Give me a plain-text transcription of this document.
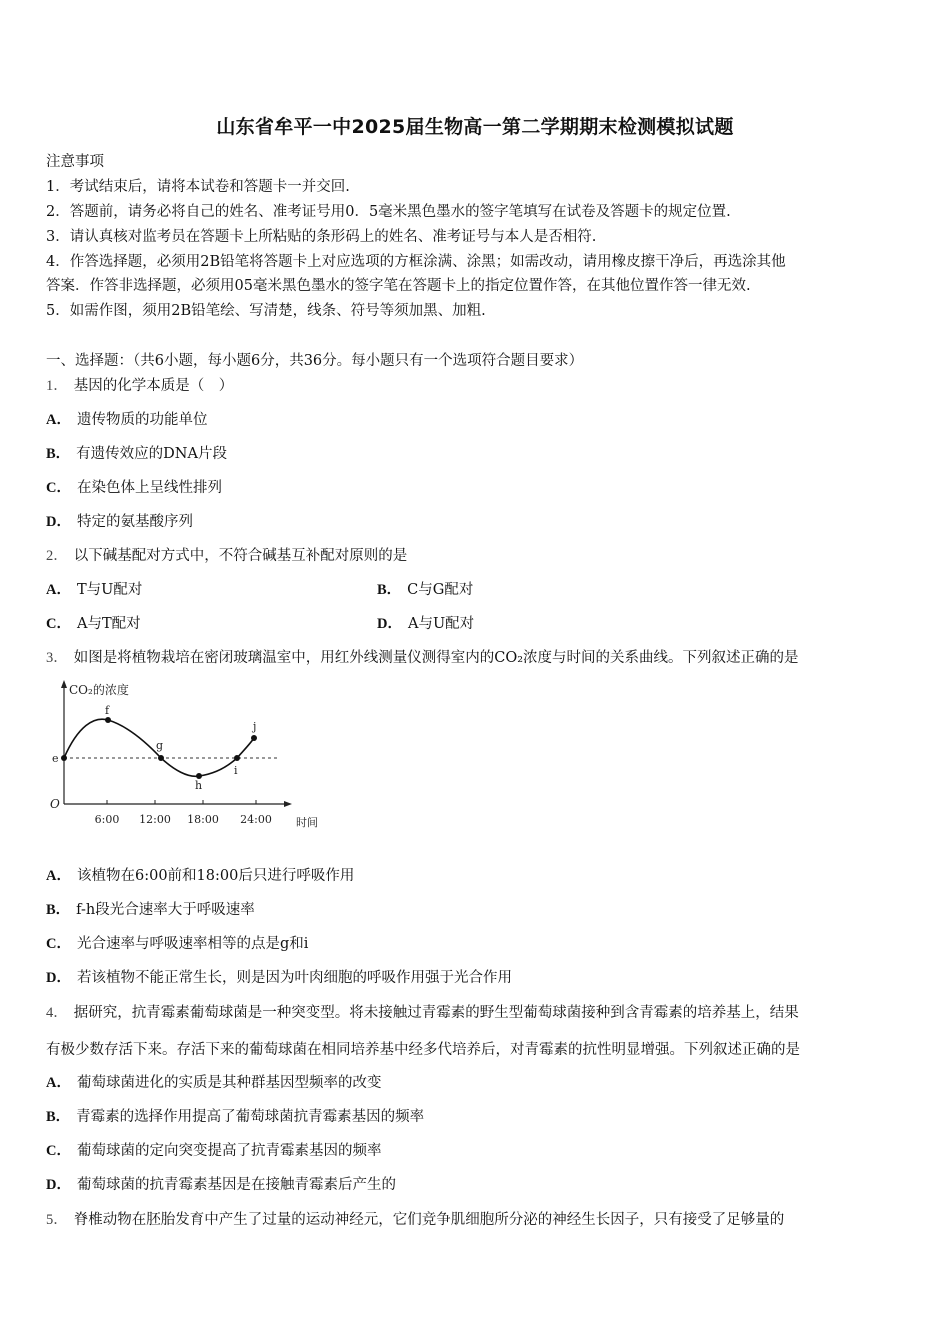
山东省牟平一中2025届生物高一第二学期期末检测模拟试题
注意事项
1．考试结束后，请将本试卷和答题卡一并交回.
2．答题前，请务必将自己的姓名、准考证号用0．5毫米黑色墨水的签字笔填写在试卷及答题卡的规定位置.
3．请认真核对监考员在答题卡上所粘贴的条形码上的姓名、准考证号与本人是否相符.
4．作答选择题，必须用2B铅笔将答题卡上对应选项的方框涂满、涂黑；如需改动，请用橡皮擦干净后，再选涂其他
答案．作答非选择题，必须用05毫米黑色墨水的签字笔在答题卡上的指定位置作答，在其他位置作答一律无效.
5．如需作图，须用2B铅笔绘、写清楚，线条、符号等须加黑、加粗.
一、选择题：（共6小题，每小题6分，共36分。每小题只有一个选项符合题目要求）
1． 基因的化学本质是（　）
A． 遗传物质的功能单位
B． 有遗传效应的DNA片段
C． 在染色体上呈线性排列
D． 特定的氨基酸序列
2． 以下碱基配对方式中，不符合碱基互补配对原则的是
A． T与U配对	B． C与G配对
C． A与T配对	D． A与U配对
3． 如图是将植物栽培在密闭玻璃温室中，用红外线测量仪测得室内的CO₂浓度与时间的关系曲线。下列叙述正确的是
CO₂的浓度
时间
O
e
f
g
h
i
j
6:00 12:00 18:00 24:00
A． 该植物在6:00前和18:00后只进行呼吸作用
B． f-h段光合速率大于呼吸速率
C． 光合速率与呼吸速率相等的点是g和i
D． 若该植物不能正常生长，则是因为叶肉细胞的呼吸作用强于光合作用
4． 据研究，抗青霉素葡萄球菌是一种突变型。将未接触过青霉素的野生型葡萄球菌接种到含青霉素的培养基上，结果
有极少数存活下来。存活下来的葡萄球菌在相同培养基中经多代培养后，对青霉素的抗性明显增强。下列叙述正确的是
A． 葡萄球菌进化的实质是其种群基因型频率的改变
B． 青霉素的选择作用提高了葡萄球菌抗青霉素基因的频率
C． 葡萄球菌的定向突变提高了抗青霉素基因的频率
D． 葡萄球菌的抗青霉素基因是在接触青霉素后产生的
5． 脊椎动物在胚胎发育中产生了过量的运动神经元，它们竞争肌细胞所分泌的神经生长因子，只有接受了足够量的
